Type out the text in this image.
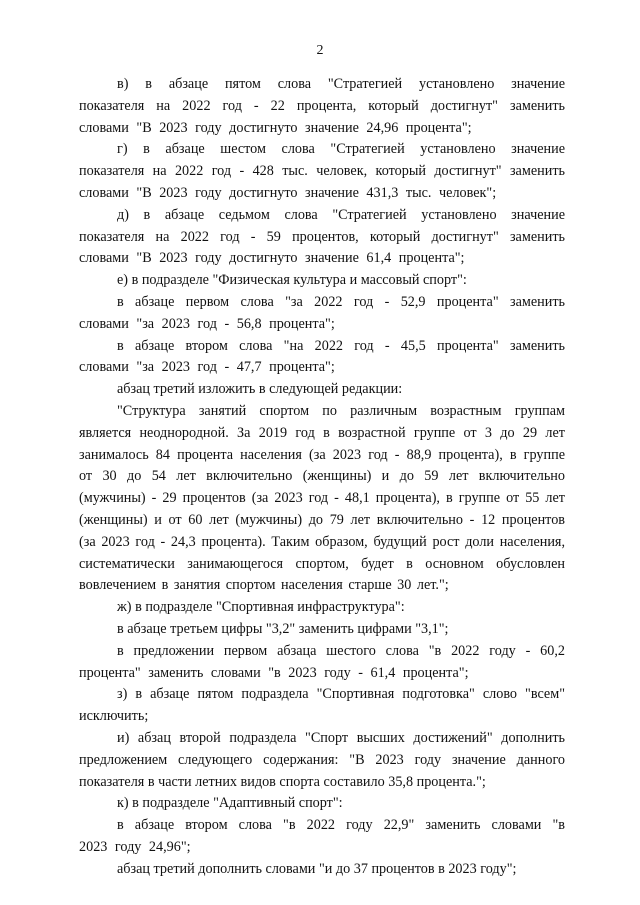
2

в) в абзаце пятом слова "Стратегией установлено значение показателя на 2022 год - 22 процента, который достигнут" заменить словами "В 2023 году достигнуто значение 24,96 процента";

г) в абзаце шестом слова "Стратегией установлено значение показателя на 2022 год - 428 тыс. человек, который достигнут" заменить словами "В 2023 году достигнуто значение 431,3 тыс. человек";

д) в абзаце седьмом слова "Стратегией установлено значение показателя на 2022 год - 59 процентов, который достигнут" заменить словами "В 2023 году достигнуто значение 61,4 процента";

е) в подразделе "Физическая культура и массовый спорт":

в абзаце первом слова "за 2022 год - 52,9 процента" заменить словами "за 2023 год - 56,8 процента";

в абзаце втором слова "на 2022 год - 45,5 процента" заменить словами "за 2023 год - 47,7 процента";

абзац третий изложить в следующей редакции:

"Структура занятий спортом по различным возрастным группам является неоднородной. За 2019 год в возрастной группе от 3 до 29 лет занималось 84 процента населения (за 2023 год - 88,9 процента), в группе от 30 до 54 лет включительно (женщины) и до 59 лет включительно (мужчины) - 29 процентов (за 2023 год - 48,1 процента), в группе от 55 лет (женщины) и от 60 лет (мужчины) до 79 лет включительно - 12 процентов (за 2023 год - 24,3 процента). Таким образом, будущий рост доли населения, систематически занимающегося спортом, будет в основном обусловлен вовлечением в занятия спортом населения старше 30 лет.";

ж) в подразделе "Спортивная инфраструктура":

в абзаце третьем цифры "3,2" заменить цифрами "3,1";

в предложении первом абзаца шестого слова "в 2022 году - 60,2 процента" заменить словами "в 2023 году - 61,4 процента";

з) в абзаце пятом подраздела "Спортивная подготовка" слово "всем" исключить;

и) абзац второй подраздела "Спорт высших достижений" дополнить предложением следующего содержания: "В 2023 году значение данного показателя в части летних видов спорта составило 35,8 процента.";

к) в подразделе "Адаптивный спорт":

в абзаце втором слова "в 2022 году 22,9" заменить словами "в 2023 году 24,96";

абзац третий дополнить словами "и до 37 процентов в 2023 году";
